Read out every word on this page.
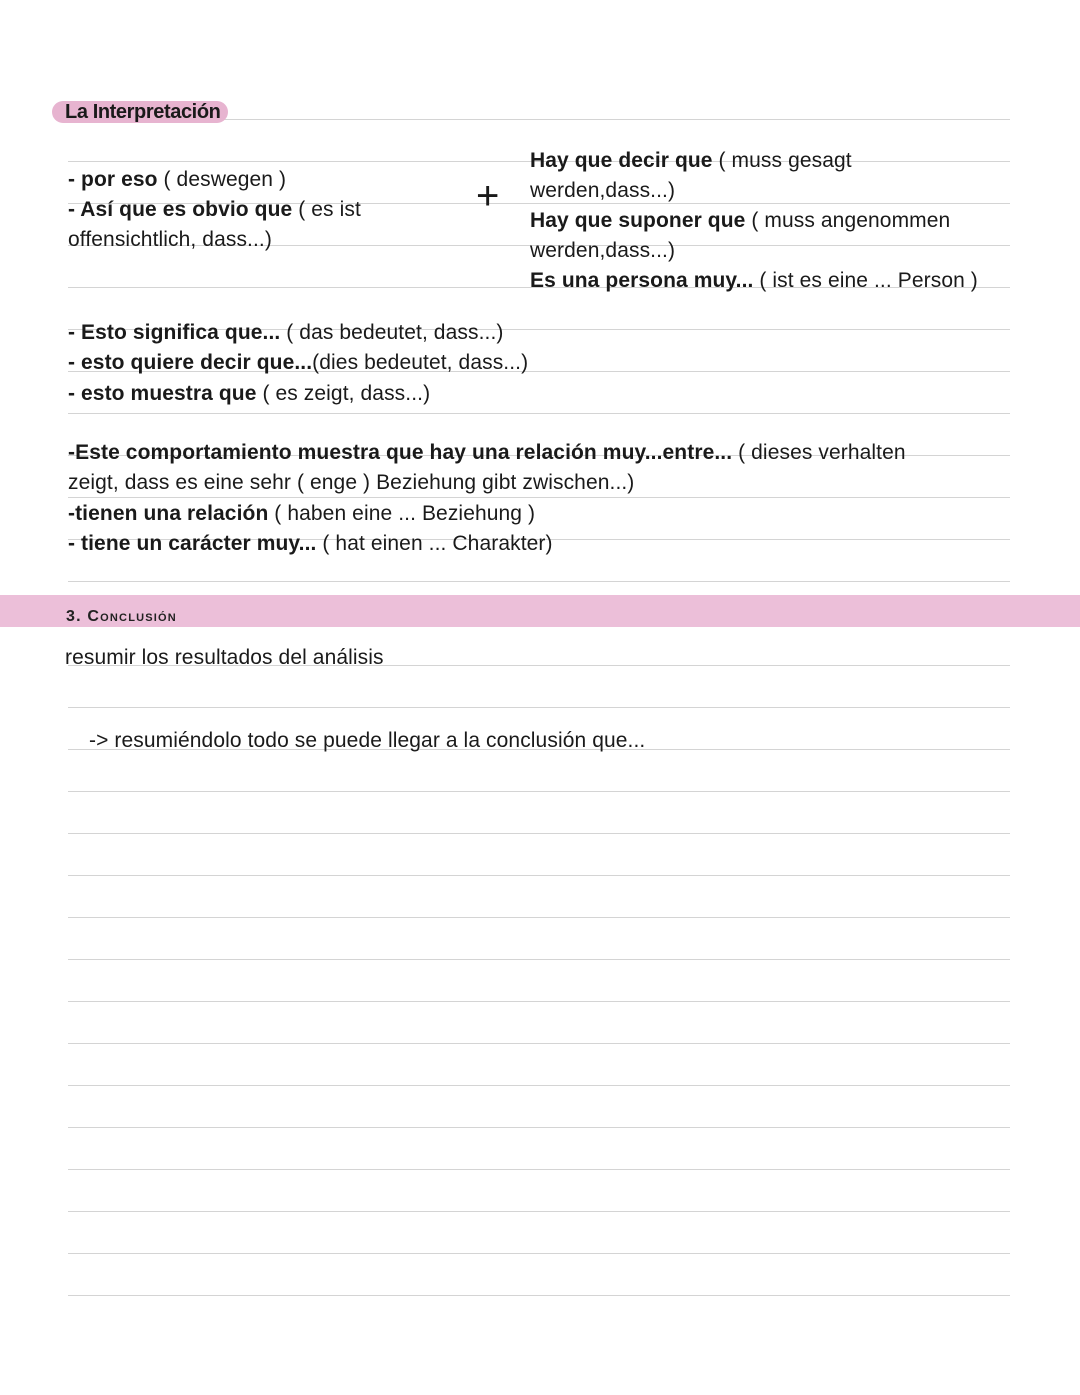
La Interpretación
- por eso ( deswegen )
- Así que es obvio que ( es ist
offensichtlich, dass...)
+
Hay que decir que ( muss gesagt
werden,dass...)
Hay que suponer que ( muss angenommen
werden,dass...)
Es una persona muy... ( ist es eine ... Person )
- Esto significa que... ( das bedeutet, dass...)
- esto quiere decir que...(dies bedeutet, dass...)
- esto muestra que ( es zeigt, dass...)
-Este comportamiento muestra que hay una relación muy...entre... ( dieses verhalten
zeigt, dass es eine sehr ( enge ) Beziehung gibt zwischen...)
-tienen una relación ( haben eine ... Beziehung )
- tiene un carácter muy... ( hat einen ... Charakter)
3. Conclusión
resumir los resultados del análisis
-> resumiéndolo todo se puede llegar a la conclusión que...
